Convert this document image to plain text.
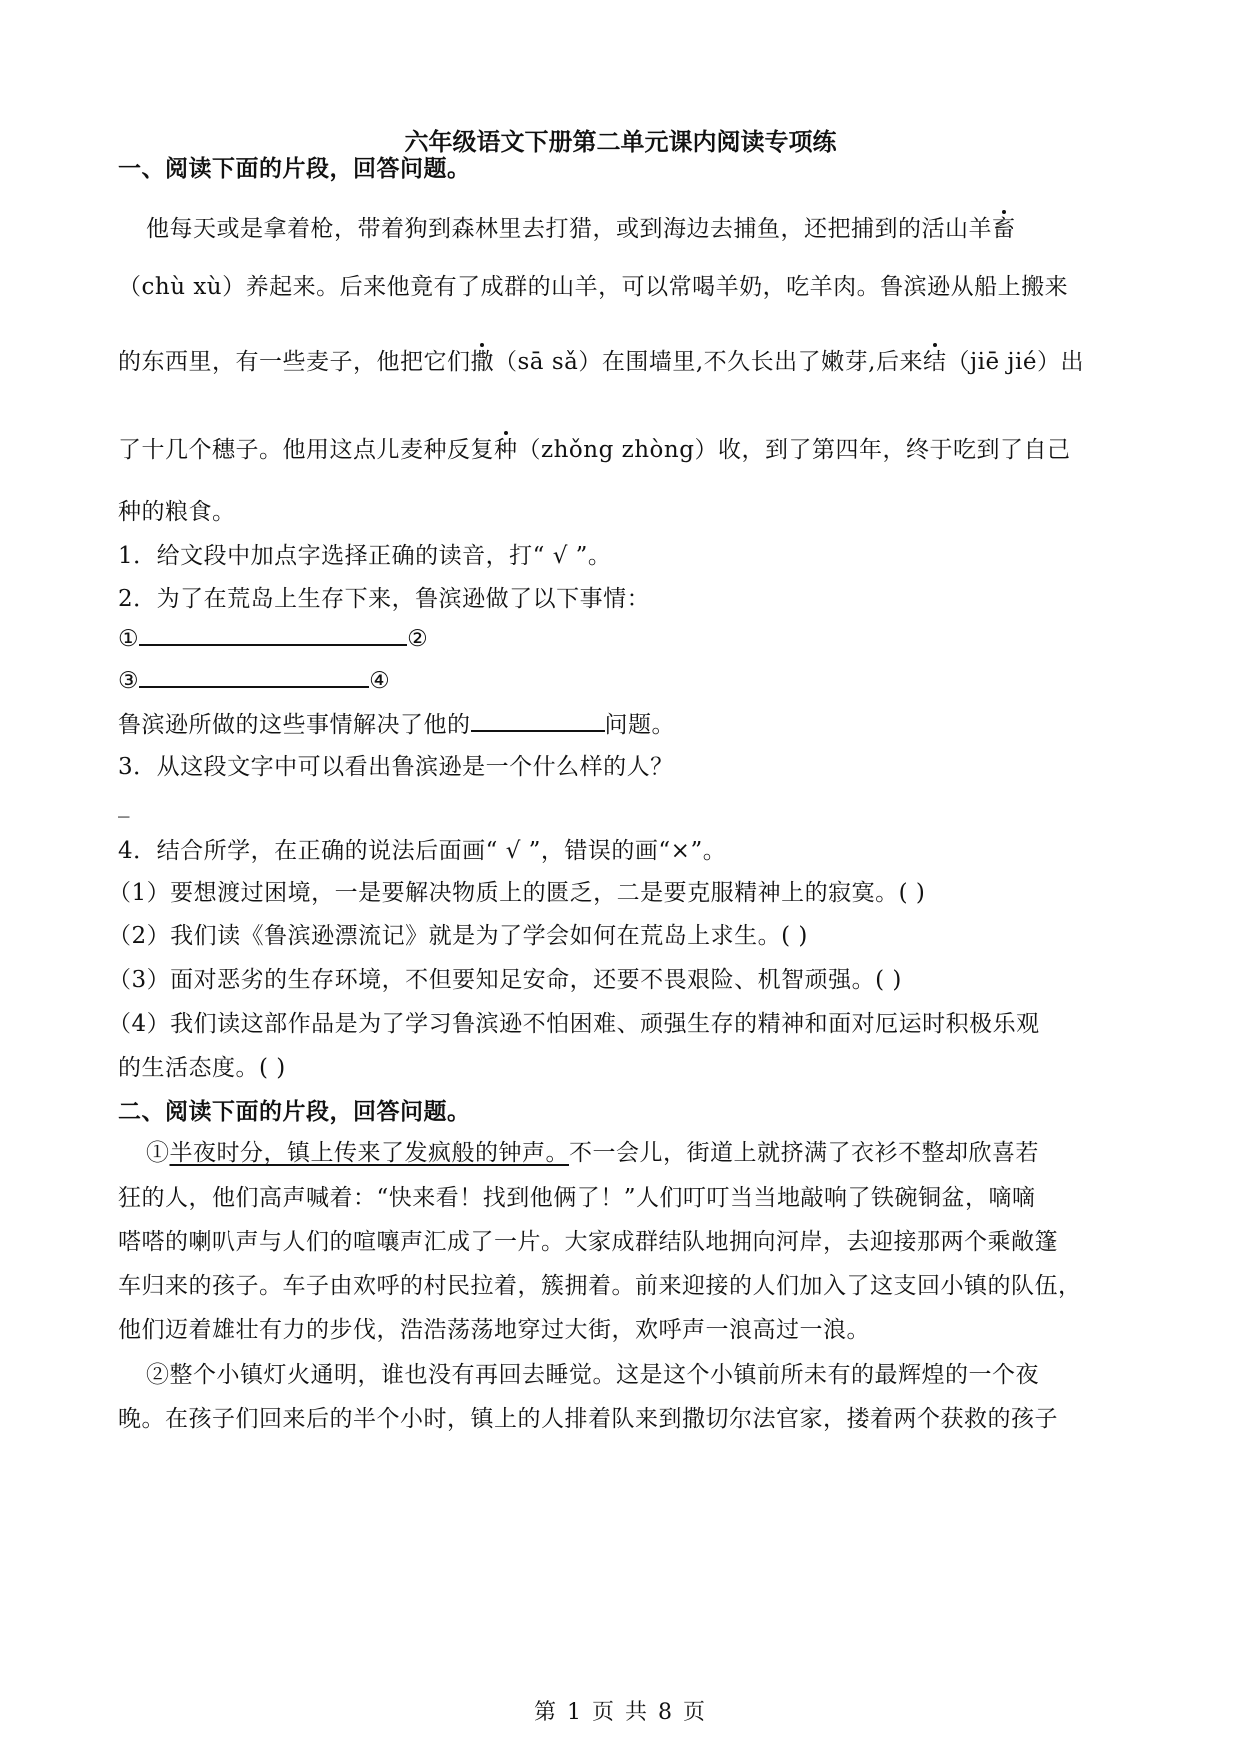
六年级语文下册第二单元课内阅读专项练
一、阅读下面的片段，回答问题。
他每天或是拿着枪，带着狗到森林里去打猎，或到海边去捕鱼，还把捕到的活山羊畜
（chù xù）养起来。后来他竟有了成群的山羊，可以常喝羊奶，吃羊肉。鲁滨逊从船上搬来
的东西里，有一些麦子，他把它们撒（sā sǎ）在围墙里,不久长出了嫩芽,后来结（jiē jié）出
了十几个穗子。他用这点儿麦种反复种（zhǒng zhòng）收，到了第四年，终于吃到了自己
种的粮食。
1．给文段中加点字选择正确的读音，打“ √ ”。
2．为了在荒岛上生存下来，鲁滨逊做了以下事情：
①	②
③	④
鲁滨逊所做的这些事情解决了他的	问题。
3．从这段文字中可以看出鲁滨逊是一个什么样的人？
_
4．结合所学，在正确的说法后面画“ √ ”，错误的画“×”。
（1）要想渡过困境，一是要解决物质上的匮乏，二是要克服精神上的寂寞。( )
（2）我们读《鲁滨逊漂流记》就是为了学会如何在荒岛上求生。( )
（3）面对恶劣的生存环境，不但要知足安命，还要不畏艰险、机智顽强。( )
（4）我们读这部作品是为了学习鲁滨逊不怕困难、顽强生存的精神和面对厄运时积极乐观
的生活态度。( )
二、阅读下面的片段，回答问题。
①半夜时分，镇上传来了发疯般的钟声。不一会儿，街道上就挤满了衣衫不整却欣喜若
狂的人，他们高声喊着：“快来看！找到他俩了！”人们叮叮当当地敲响了铁碗铜盆，嘀嘀
嗒嗒的喇叭声与人们的喧嚷声汇成了一片。大家成群结队地拥向河岸，去迎接那两个乘敞篷
车归来的孩子。车子由欢呼的村民拉着，簇拥着。前来迎接的人们加入了这支回小镇的队伍，
他们迈着雄壮有力的步伐，浩浩荡荡地穿过大街，欢呼声一浪高过一浪。
②整个小镇灯火通明，谁也没有再回去睡觉。这是这个小镇前所未有的最辉煌的一个夜
晚。在孩子们回来后的半个小时，镇上的人排着队来到撒切尔法官家，搂着两个获救的孩子
第 1 页 共 8 页
